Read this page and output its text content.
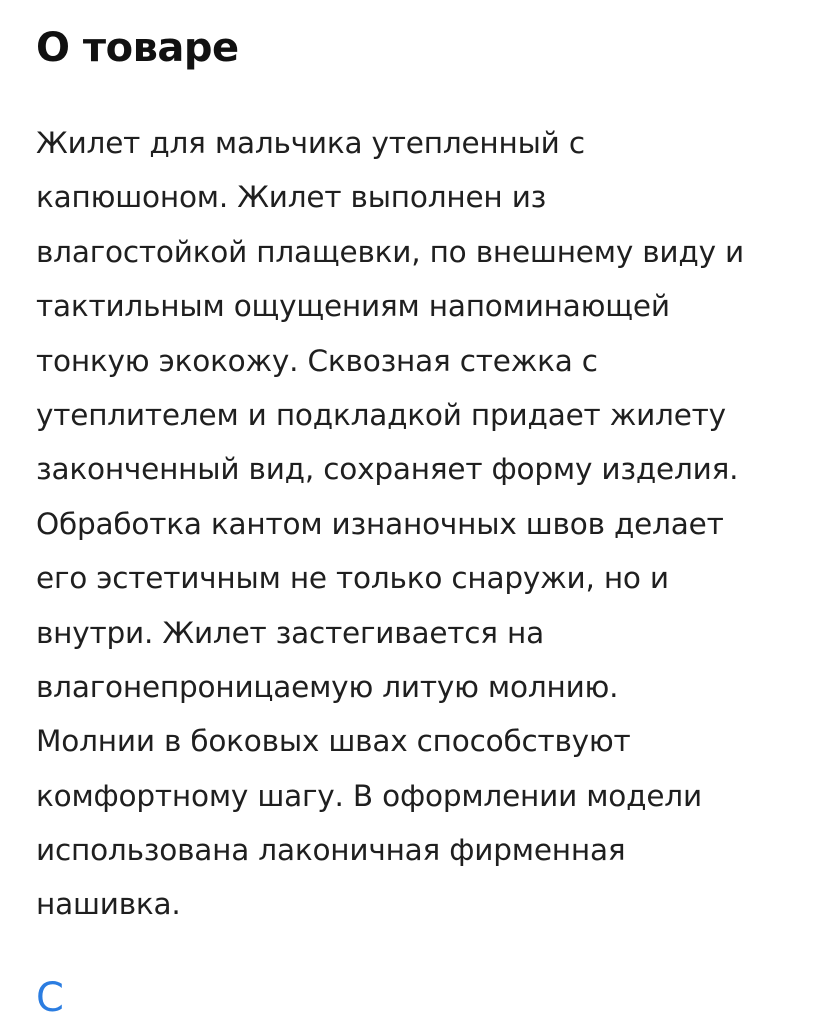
О товаре
Жилет для мальчика утепленный с
капюшоном. Жилет выполнен из
влагостойкой плащевки, по внешнему виду и
тактильным ощущениям напоминающей
тонкую экокожу. Сквозная стежка с
утеплителем и подкладкой придает жилету
законченный вид, сохраняет форму изделия.
Обработка кантом изнаночных швов делает
его эстетичным не только снаружи, но и
внутри. Жилет застегивается на
влагонепроницаемую литую молнию.
Молнии в боковых швах способствуют
комфортному шагу. В оформлении модели
использована лаконичная фирменная
нашивка.
С
